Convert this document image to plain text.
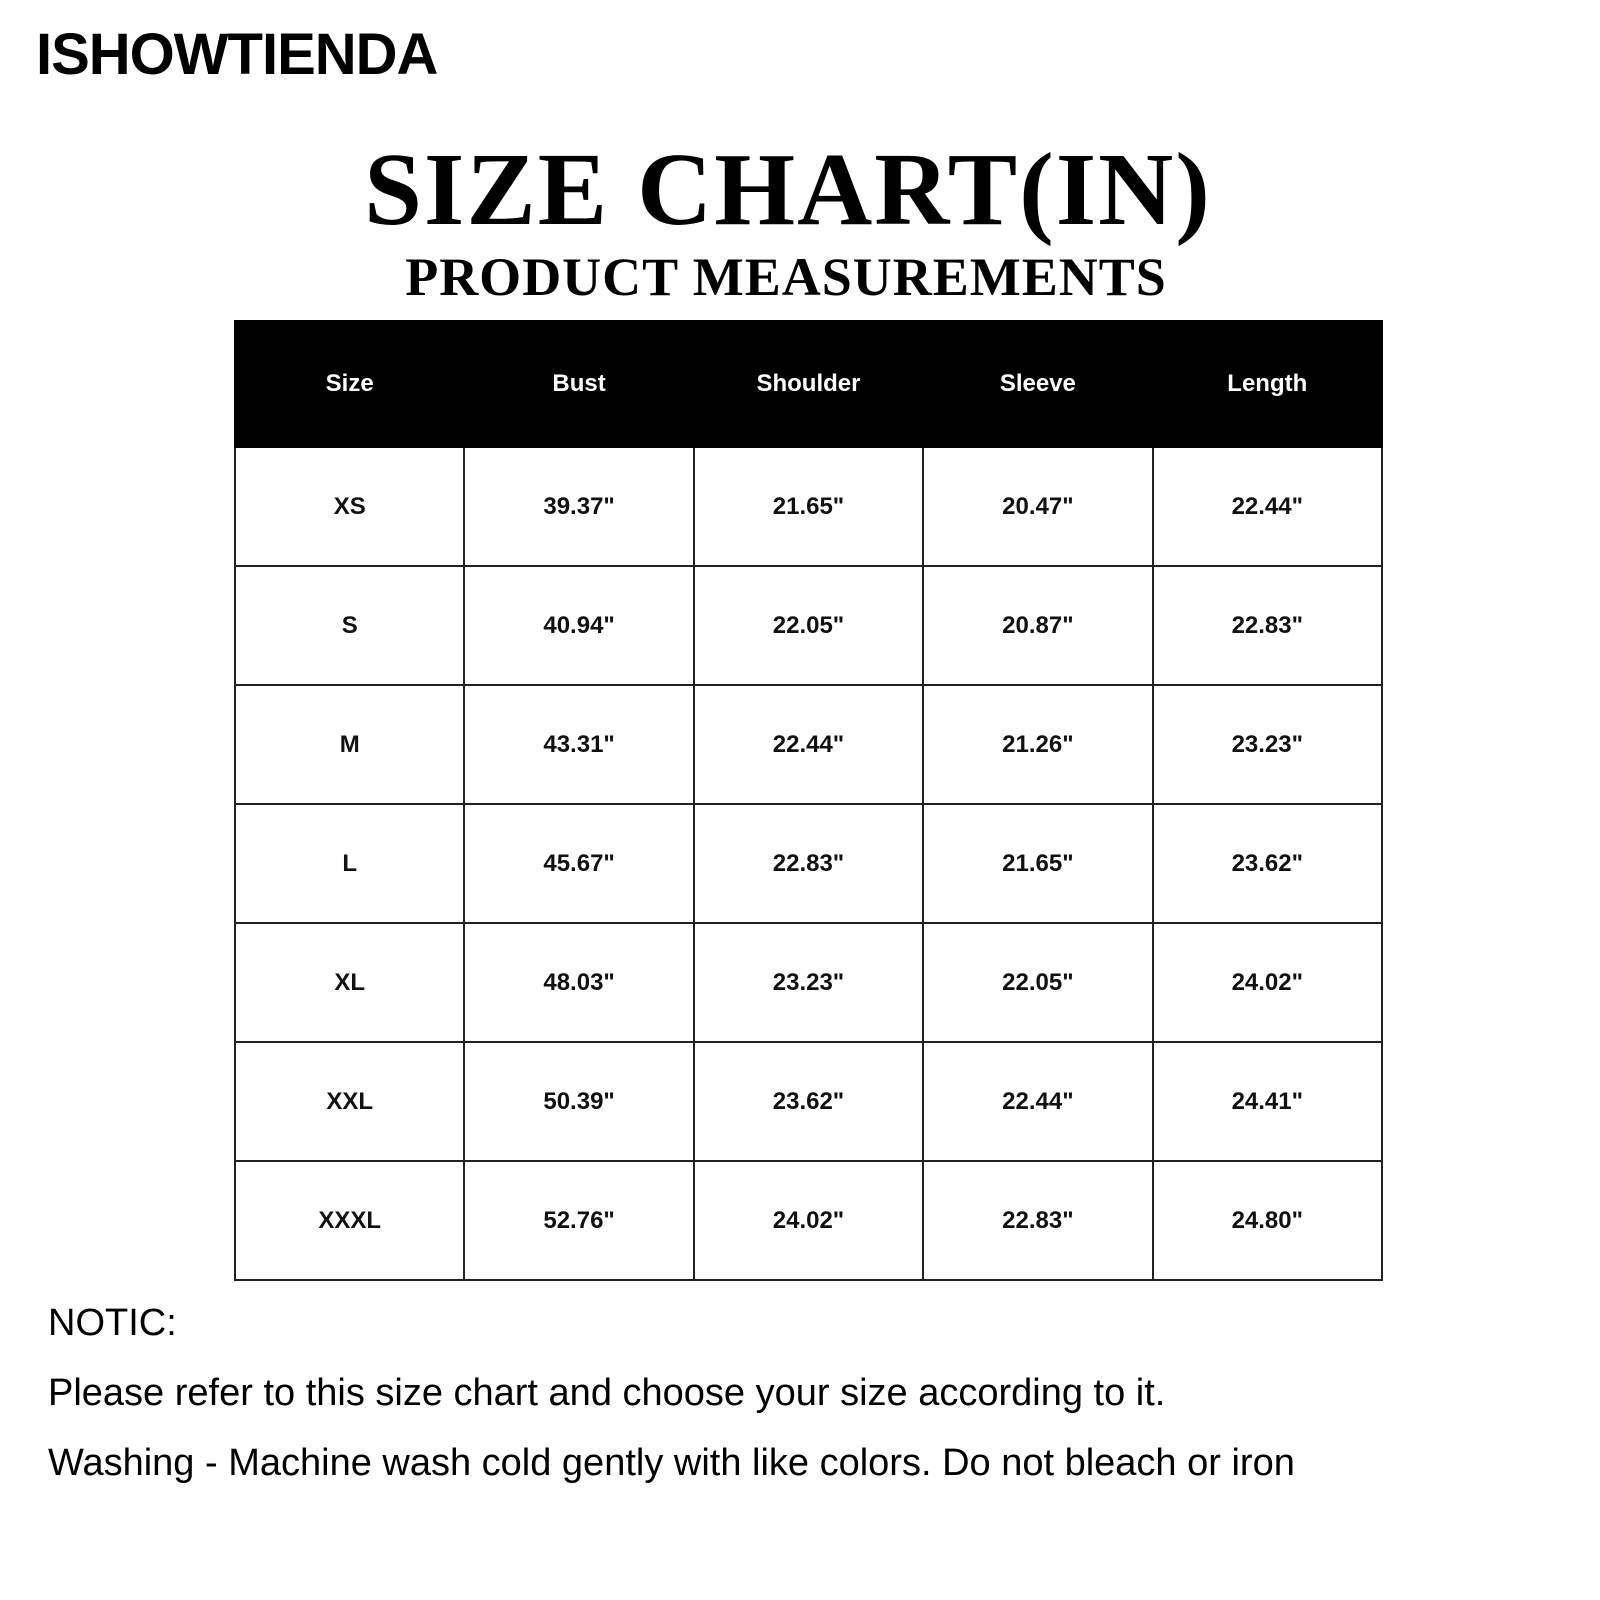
ISHOWTIENDA
SIZE CHART(IN)
PRODUCT MEASUREMENTS
Size	Bust	Shoulder	Sleeve	Length
XS	39.37"	21.65"	20.47"	22.44"
S	40.94"	22.05"	20.87"	22.83"
M	43.31"	22.44"	21.26"	23.23"
L	45.67"	22.83"	21.65"	23.62"
XL	48.03"	23.23"	22.05"	24.02"
XXL	50.39"	23.62"	22.44"	24.41"
XXXL	52.76"	24.02"	22.83"	24.80"
NOTIC:
Please refer to this size chart and choose your size according to it.
Washing - Machine wash cold gently with like colors. Do not bleach or iron
